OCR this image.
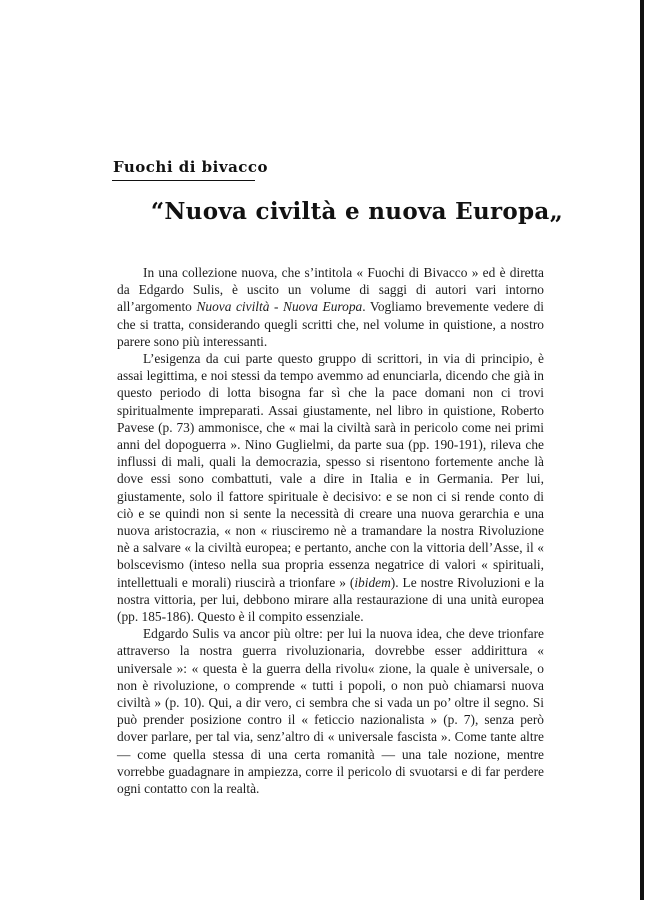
Fuochi di bivacco
“Nuova civiltà e nuova Europa„

In una collezione nuova, che s’intitola « Fuochi di Bivacco » ed è diretta da Edgardo Sulis, è uscito un volume di saggi di autori vari intorno all’argomento Nuova civiltà - Nuova Europa. Vogliamo brevemente vedere di che si tratta, considerando quegli scritti che, nel volume in quistione, a nostro parere sono più interessanti.

L’esigenza da cui parte questo gruppo di scrittori, in via di principio, è assai legittima, e noi stessi da tempo avemmo ad enunciarla, dicendo che già in questo periodo di lotta bisogna far sì che la pace domani non ci trovi spiritualmente impreparati. Assai giustamente, nel libro in quistione, Roberto Pavese (p. 73) ammonisce, che « mai la civiltà sarà in pericolo come nei primi anni del dopoguerra ». Nino Guglielmi, da parte sua (pp. 190-191), rileva che influssi di mali, quali la democrazia, spesso si risentono fortemente anche là dove essi sono combattuti, vale a dire in Italia e in Germania. Per lui, giustamente, solo il fattore spirituale è decisivo: e se non ci si rende conto di ciò e se quindi non si sente la necessità di creare una nuova gerarchia e una nuova aristocrazia, « non « riusciremo nè a tramandare la nostra Rivoluzione nè a salvare « la civiltà europea; e pertanto, anche con la vittoria dell’Asse, il « bolscevismo (inteso nella sua propria essenza negatrice di valori « spirituali, intellettuali e morali) riuscirà a trionfare » (ibidem). Le nostre Rivoluzioni e la nostra vittoria, per lui, debbono mirare alla restaurazione di una unità europea (pp. 185-186). Questo è il compito essenziale.

Edgardo Sulis va ancor più oltre: per lui la nuova idea, che deve trionfare attraverso la nostra guerra rivoluzionaria, dovrebbe esser addirittura « universale »: « questa è la guerra della rivolu« zione, la quale è universale, o non è rivoluzione, o comprende « tutti i popoli, o non può chiamarsi nuova civiltà » (p. 10). Qui, a dir vero, ci sembra che si vada un po’ oltre il segno. Si può prender posizione contro il « feticcio nazionalista » (p. 7), senza però dover parlare, per tal via, senz’altro di « universale fascista ». Come tante altre — come quella stessa di una certa romanità — una tale nozione, mentre vorrebbe guadagnare in ampiezza, corre il pericolo di svuotarsi e di far perdere ogni contatto con la realtà.
